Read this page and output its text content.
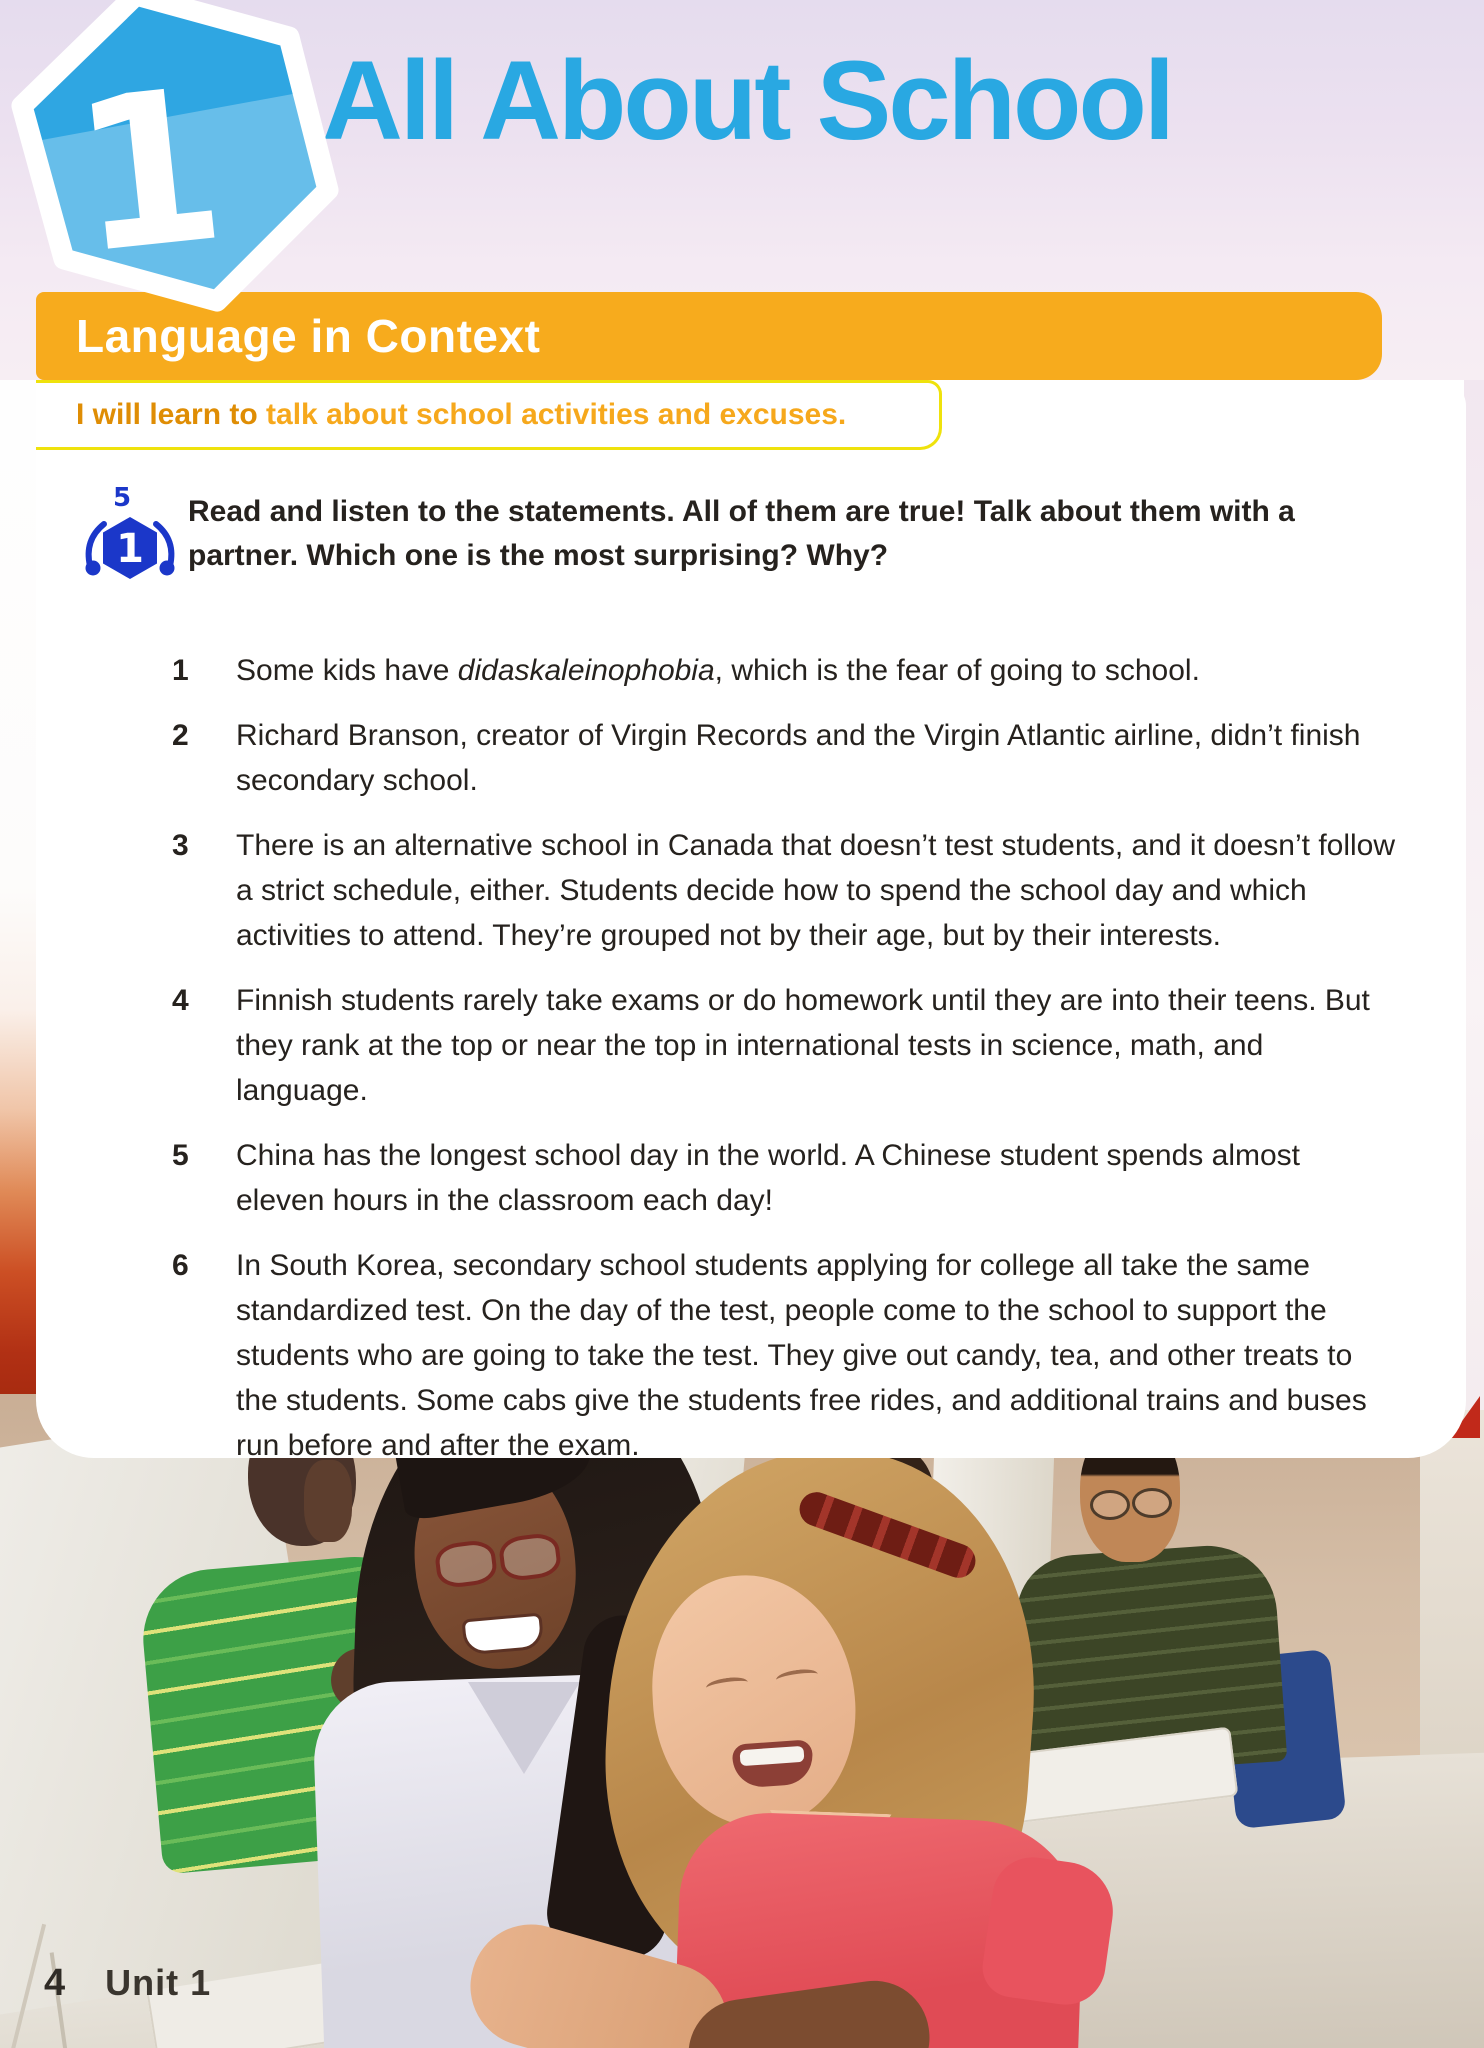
1 All About School
Language in Context
I will learn to talk about school activities and excuses.
5
1
Read and listen to the statements. All of them are true! Talk about them with a partner. Which one is the most surprising? Why?
1	Some kids have didaskaleinophobia, which is the fear of going to school.
2	Richard Branson, creator of Virgin Records and the Virgin Atlantic airline, didn’t finish secondary school.
3	There is an alternative school in Canada that doesn’t test students, and it doesn’t follow a strict schedule, either. Students decide how to spend the school day and which activities to attend. They’re grouped not by their age, but by their interests.
4	Finnish students rarely take exams or do homework until they are into their teens. But they rank at the top or near the top in international tests in science, math, and language.
5	China has the longest school day in the world. A Chinese student spends almost eleven hours in the classroom each day!
6	In South Korea, secondary school students applying for college all take the same standardized test. On the day of the test, people come to the school to support the students who are going to take the test. They give out candy, tea, and other treats to the students. Some cabs give the students free rides, and additional trains and buses run before and after the exam.
4 Unit 1
